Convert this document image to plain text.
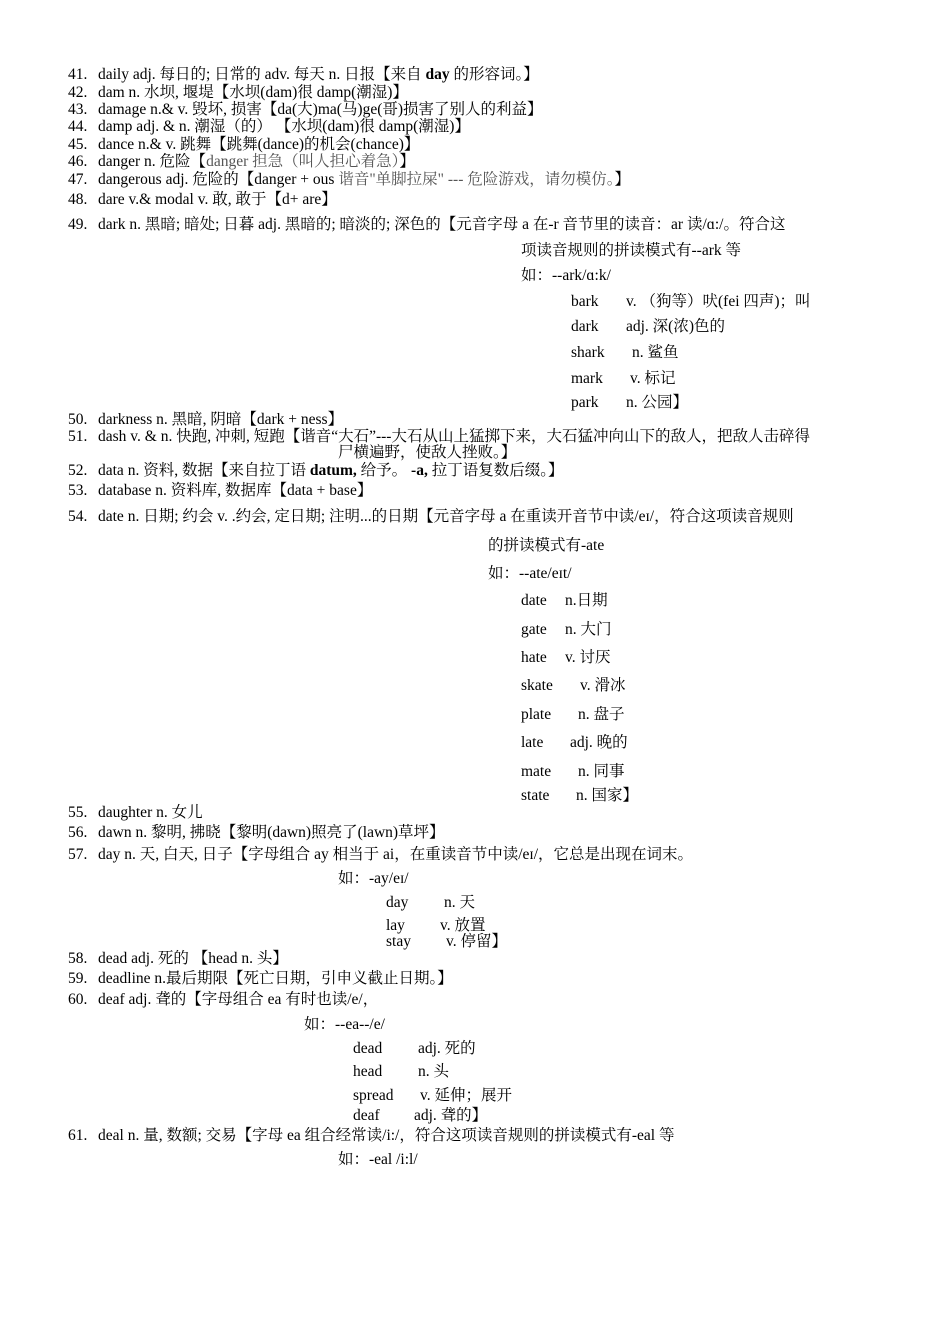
41. daily adj. 每日的; 日常的 adv. 每天 n. 日报【来自 day 的形容词。】
42. dam n. 水坝, 堰堤【水坝(dam)很 damp(潮湿)】
43. damage n.& v. 毁坏, 损害【da(大)ma(马)ge(哥)损害了别人的利益】
44. damp adj. & n. 潮湿（的） 【水坝(dam)很 damp(潮湿)】
45. dance n.& v. 跳舞【跳舞(dance)的机会(chance)】
46. danger n. 危险【danger 担急（叫人担心着急）】
47. dangerous adj. 危险的【danger + ous 谐音"单脚拉屎" --- 危险游戏，请勿模仿。】
48. dare v.& modal v. 敢, 敢于【d+ are】
49. dark n. 黑暗; 暗处; 日暮 adj. 黑暗的; 暗淡的; 深色的【元音字母 a 在-r 音节里的读音：ar 读/ɑ:/。符合这
项读音规则的拼读模式有--ark 等
如：--ark/ɑ:k/
bark v. （狗等）吠(fei 四声)；叫
dark adj. 深(浓)色的
shark n. 鲨鱼
mark v. 标记
park n. 公园】
50. darkness n. 黑暗, 阴暗【dark + ness】
51. dash v. & n. 快跑, 冲刺, 短跑【谐音“大石”---大石从山上猛掷下来，大石猛冲向山下的敌人，把敌人击碎得
尸横遍野，使敌人挫败。】
52. data n. 资料, 数据【来自拉丁语 datum, 给予。 -a, 拉丁语复数后缀。】
53. database n. 资料库, 数据库【data + base】
54. date n. 日期; 约会 v. .约会, 定日期; 注明...的日期【元音字母 a 在重读开音节中读/eɪ/，符合这项读音规则
的拼读模式有-ate
如：--ate/eɪt/
date n.日期
gate n. 大门
hate v. 讨厌
skate v. 滑冰
plate n. 盘子
late adj. 晚的
mate n. 同事
state n. 国家】
55. daughter n. 女儿
56. dawn n. 黎明, 拂晓【黎明(dawn)照亮了(lawn)草坪】
57. day n. 天, 白天, 日子【字母组合 ay 相当于 ai，在重读音节中读/eɪ/，它总是出现在词末。
如：-ay/eɪ/
day n. 天
lay v. 放置
stay v. 停留】
58. dead adj. 死的 【head n. 头】
59. deadline n.最后期限【死亡日期，引申义截止日期。】
60. deaf adj. 聋的【字母组合 ea 有时也读/e/，
如：--ea--/e/
dead adj. 死的
head n. 头
spread v. 延伸；展开
deaf adj. 聋的】
61. deal n. 量, 数额; 交易【字母 ea 组合经常读/i:/，符合这项读音规则的拼读模式有-eal 等
如：-eal /i:l/
